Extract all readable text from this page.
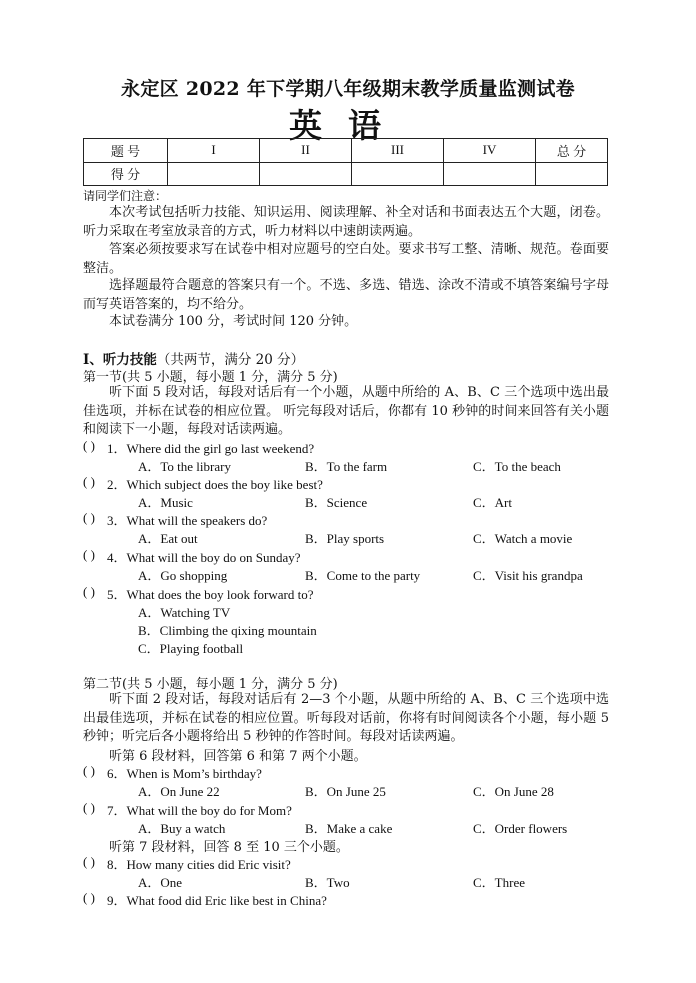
永定区 2022 年下学期八年级期末教学质量监测试卷
英语
题 号	I	II	III	IV	总 分
得 分					
请同学们注意：
本次考试包括听力技能、知识运用、阅读理解、补全对话和书面表达五个大题，闭卷。听力采取在考室放录音的方式，听力材料以中速朗读两遍。
答案必须按要求写在试卷中相对应题号的空白处。要求书写工整、清晰、规范。卷面要整洁。
选择题最符合题意的答案只有一个。不选、多选、错选、涂改不清或不填答案编号字母而写英语答案的，均不给分。
本试卷满分 100 分，考试时间 120 分钟。
I、听力技能（共两节，满分 20 分）
第一节(共 5 小题，每小题 1 分，满分 5 分)
听下面 5 段对话，每段对话后有一个小题，从题中所给的 A、B、C 三个选项中选出最佳选项，并标在试卷的相应位置。 听完每段对话后，你都有 10 秒钟的时间来回答有关小题和阅读下一小题，每段对话读两遍。
( ) 1．Where did the girl go last weekend?
A．To the library	B．To the farm	C．To the beach
( ) 2．Which subject does the boy like best?
A．Music	B．Science	C．Art
( ) 3．What will the speakers do?
A．Eat out	B．Play sports	C．Watch a movie
( ) 4．What will the boy do on Sunday?
A．Go shopping	B．Come to the party	C．Visit his grandpa
( ) 5．What does the boy look forward to?
A．Watching TV
B．Climbing the qixing mountain
C．Playing football
第二节(共 5 小题，每小题 1 分，满分 5 分)
听下面 2 段对话，每段对话后有 2—3 个小题，从题中所给的 A、B、C 三个选项中选出最佳选项，并标在试卷的相应位置。听每段对话前，你将有时间阅读各个小题，每小题 5 秒钟；听完后各小题将给出 5 秒钟的作答时间。每段对话读两遍。
听第 6 段材料，回答第 6 和第 7 两个小题。
( ) 6．When is Mom’s birthday?
A．On June 22	B．On June 25	C．On June 28
( ) 7．What will the boy do for Mom?
A．Buy a watch	B．Make a cake	C．Order flowers
听第 7 段材料，回答 8 至 10 三个小题。
( ) 8．How many cities did Eric visit?
A．One	B．Two	C．Three
( ) 9．What food did Eric like best in China?
